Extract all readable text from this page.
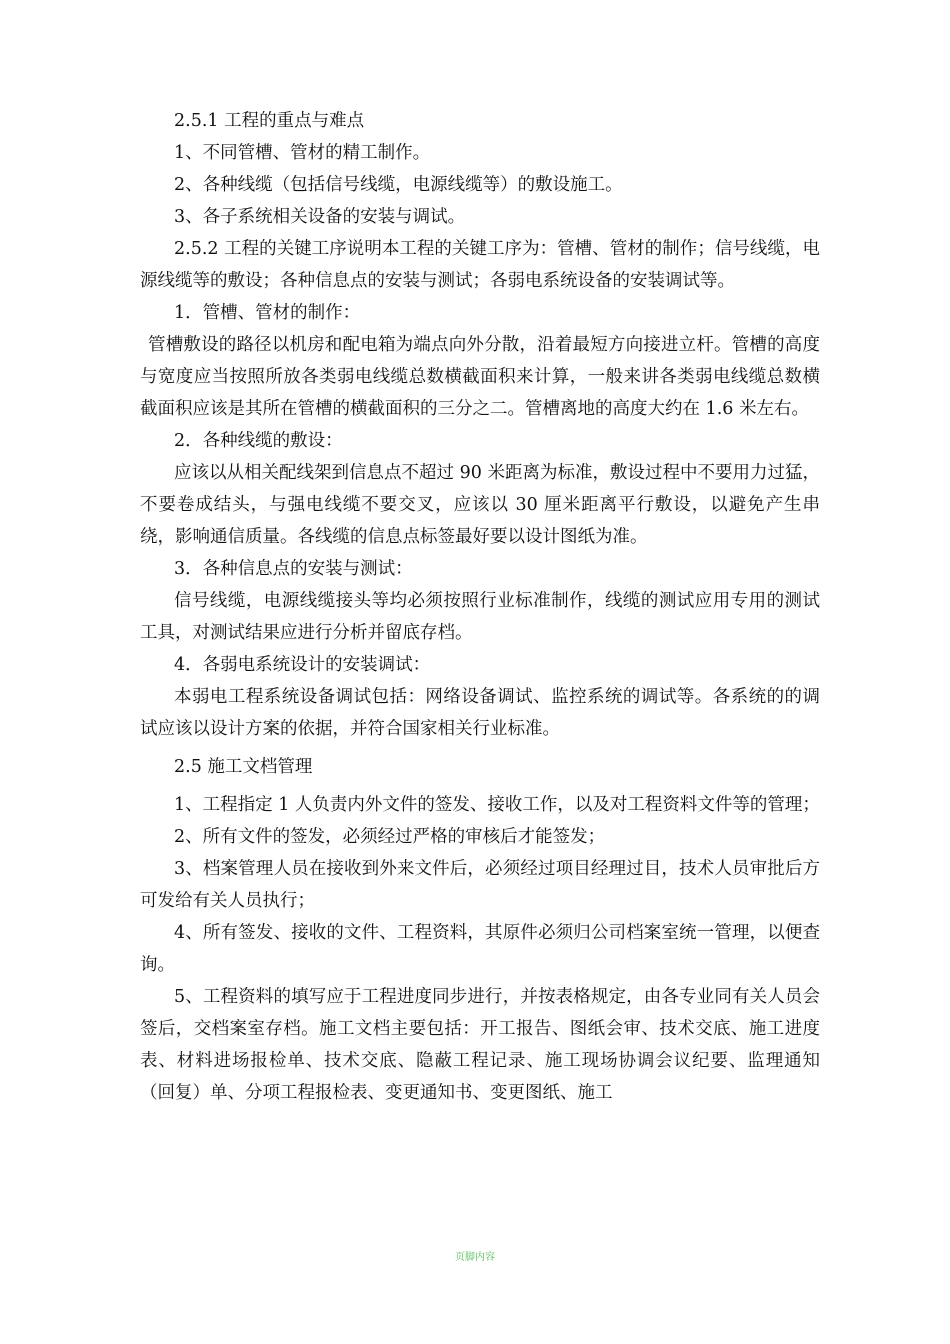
2.5.1 工程的重点与难点

1、不同管槽、管材的精工制作。

2、各种线缆（包括信号线缆，电源线缆等）的敷设施工。

3、各子系统相关设备的安装与调试。

2.5.2 工程的关键工序说明本工程的关键工序为：管槽、管材的制作；信号线缆，电源线缆等的敷设；各种信息点的安装与测试；各弱电系统设备的安装调试等。

1．管槽、管材的制作：

管槽敷设的路径以机房和配电箱为端点向外分散，沿着最短方向接进立杆。管槽的高度与宽度应当按照所放各类弱电线缆总数横截面积来计算，一般来讲各类弱电线缆总数横截面积应该是其所在管槽的横截面积的三分之二。管槽离地的高度大约在 1.6 米左右。

2．各种线缆的敷设：

应该以从相关配线架到信息点不超过 90 米距离为标准，敷设过程中不要用力过猛，不要卷成结头，与强电线缆不要交叉，应该以 30 厘米距离平行敷设，以避免产生串绕，影响通信质量。各线缆的信息点标签最好要以设计图纸为准。

3．各种信息点的安装与测试：

信号线缆，电源线缆接头等均必须按照行业标准制作，线缆的测试应用专用的测试工具，对测试结果应进行分析并留底存档。

4．各弱电系统设计的安装调试：

本弱电工程系统设备调试包括：网络设备调试、监控系统的调试等。各系统的的调试应该以设计方案的依据，并符合国家相关行业标准。

2.5 施工文档管理

1、工程指定 1 人负责内外文件的签发、接收工作，以及对工程资料文件等的管理；

2、所有文件的签发，必须经过严格的审核后才能签发；

3、档案管理人员在接收到外来文件后，必须经过项目经理过目，技术人员审批后方可发给有关人员执行；

4、所有签发、接收的文件、工程资料，其原件必须归公司档案室统一管理，以便查询。

5、工程资料的填写应于工程进度同步进行，并按表格规定，由各专业同有关人员会签后，交档案室存档。施工文档主要包括：开工报告、图纸会审、技术交底、施工进度表、材料进场报检单、技术交底、隐蔽工程记录、施工现场协调会议纪要、监理通知（回复）单、分项工程报检表、变更通知书、变更图纸、施工

页脚内容
